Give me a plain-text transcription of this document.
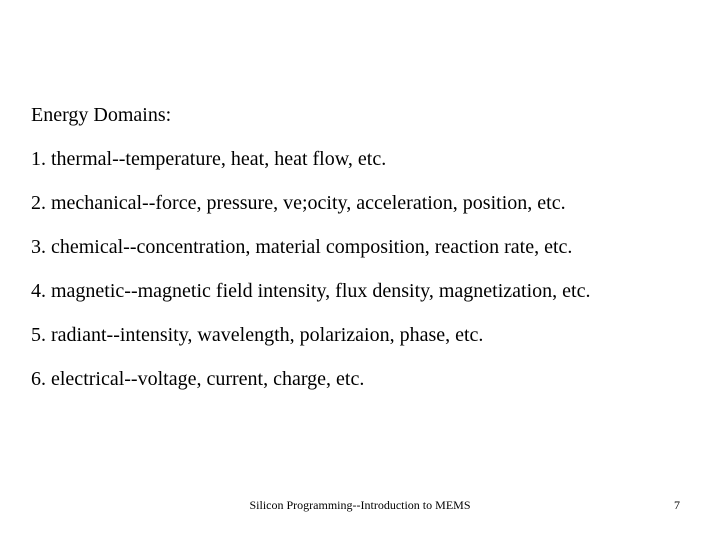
Energy Domains:
1. thermal--temperature, heat, heat flow, etc.
2. mechanical--force, pressure, ve;ocity, acceleration, position, etc.
3. chemical--concentration, material composition, reaction rate, etc.
4. magnetic--magnetic field intensity, flux density, magnetization, etc.
5. radiant--intensity, wavelength, polarizaion, phase, etc.
6. electrical--voltage, current, charge, etc.
Silicon Programming--Introduction to MEMS	7
